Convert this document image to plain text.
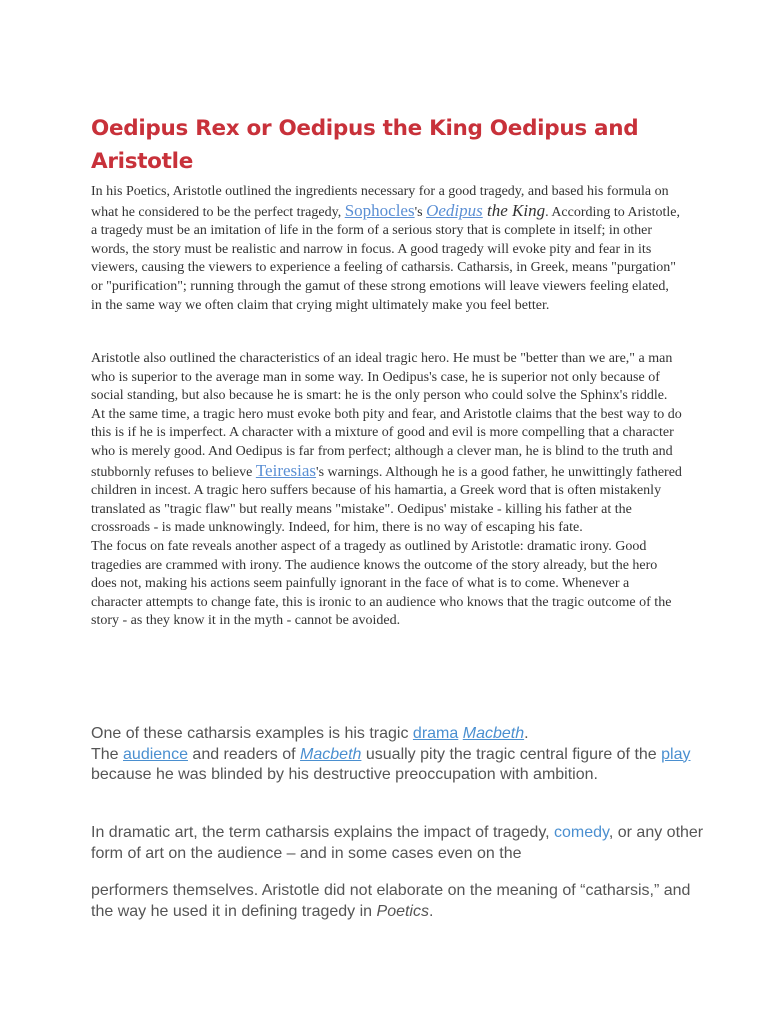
Oedipus Rex or Oedipus the King Oedipus and Aristotle

In his Poetics, Aristotle outlined the ingredients necessary for a good tragedy, and based his formula on what he considered to be the perfect tragedy, Sophocles's Oedipus the King. According to Aristotle, a tragedy must be an imitation of life in the form of a serious story that is complete in itself; in other words, the story must be realistic and narrow in focus. A good tragedy will evoke pity and fear in its viewers, causing the viewers to experience a feeling of catharsis. Catharsis, in Greek, means "purgation" or "purification"; running through the gamut of these strong emotions will leave viewers feeling elated, in the same way we often claim that crying might ultimately make you feel better.

Aristotle also outlined the characteristics of an ideal tragic hero. He must be "better than we are," a man who is superior to the average man in some way. In Oedipus's case, he is superior not only because of social standing, but also because he is smart: he is the only person who could solve the Sphinx's riddle. At the same time, a tragic hero must evoke both pity and fear, and Aristotle claims that the best way to do this is if he is imperfect. A character with a mixture of good and evil is more compelling that a character who is merely good. And Oedipus is far from perfect; although a clever man, he is blind to the truth and stubbornly refuses to believe Teiresias's warnings. Although he is a good father, he unwittingly fathered children in incest. A tragic hero suffers because of his hamartia, a Greek word that is often mistakenly translated as "tragic flaw" but really means "mistake". Oedipus' mistake - killing his father at the crossroads - is made unknowingly. Indeed, for him, there is no way of escaping his fate.
The focus on fate reveals another aspect of a tragedy as outlined by Aristotle: dramatic irony. Good tragedies are crammed with irony. The audience knows the outcome of the story already, but the hero does not, making his actions seem painfully ignorant in the face of what is to come. Whenever a character attempts to change fate, this is ironic to an audience who knows that the tragic outcome of the story - as they know it in the myth - cannot be avoided.

One of these catharsis examples is his tragic drama Macbeth.
The audience and readers of Macbeth usually pity the tragic central figure of the play because he was blinded by his destructive preoccupation with ambition.

In dramatic art, the term catharsis explains the impact of tragedy, comedy, or any other form of art on the audience – and in some cases even on the

performers themselves. Aristotle did not elaborate on the meaning of “catharsis,” and the way he used it in defining tragedy in Poetics.
